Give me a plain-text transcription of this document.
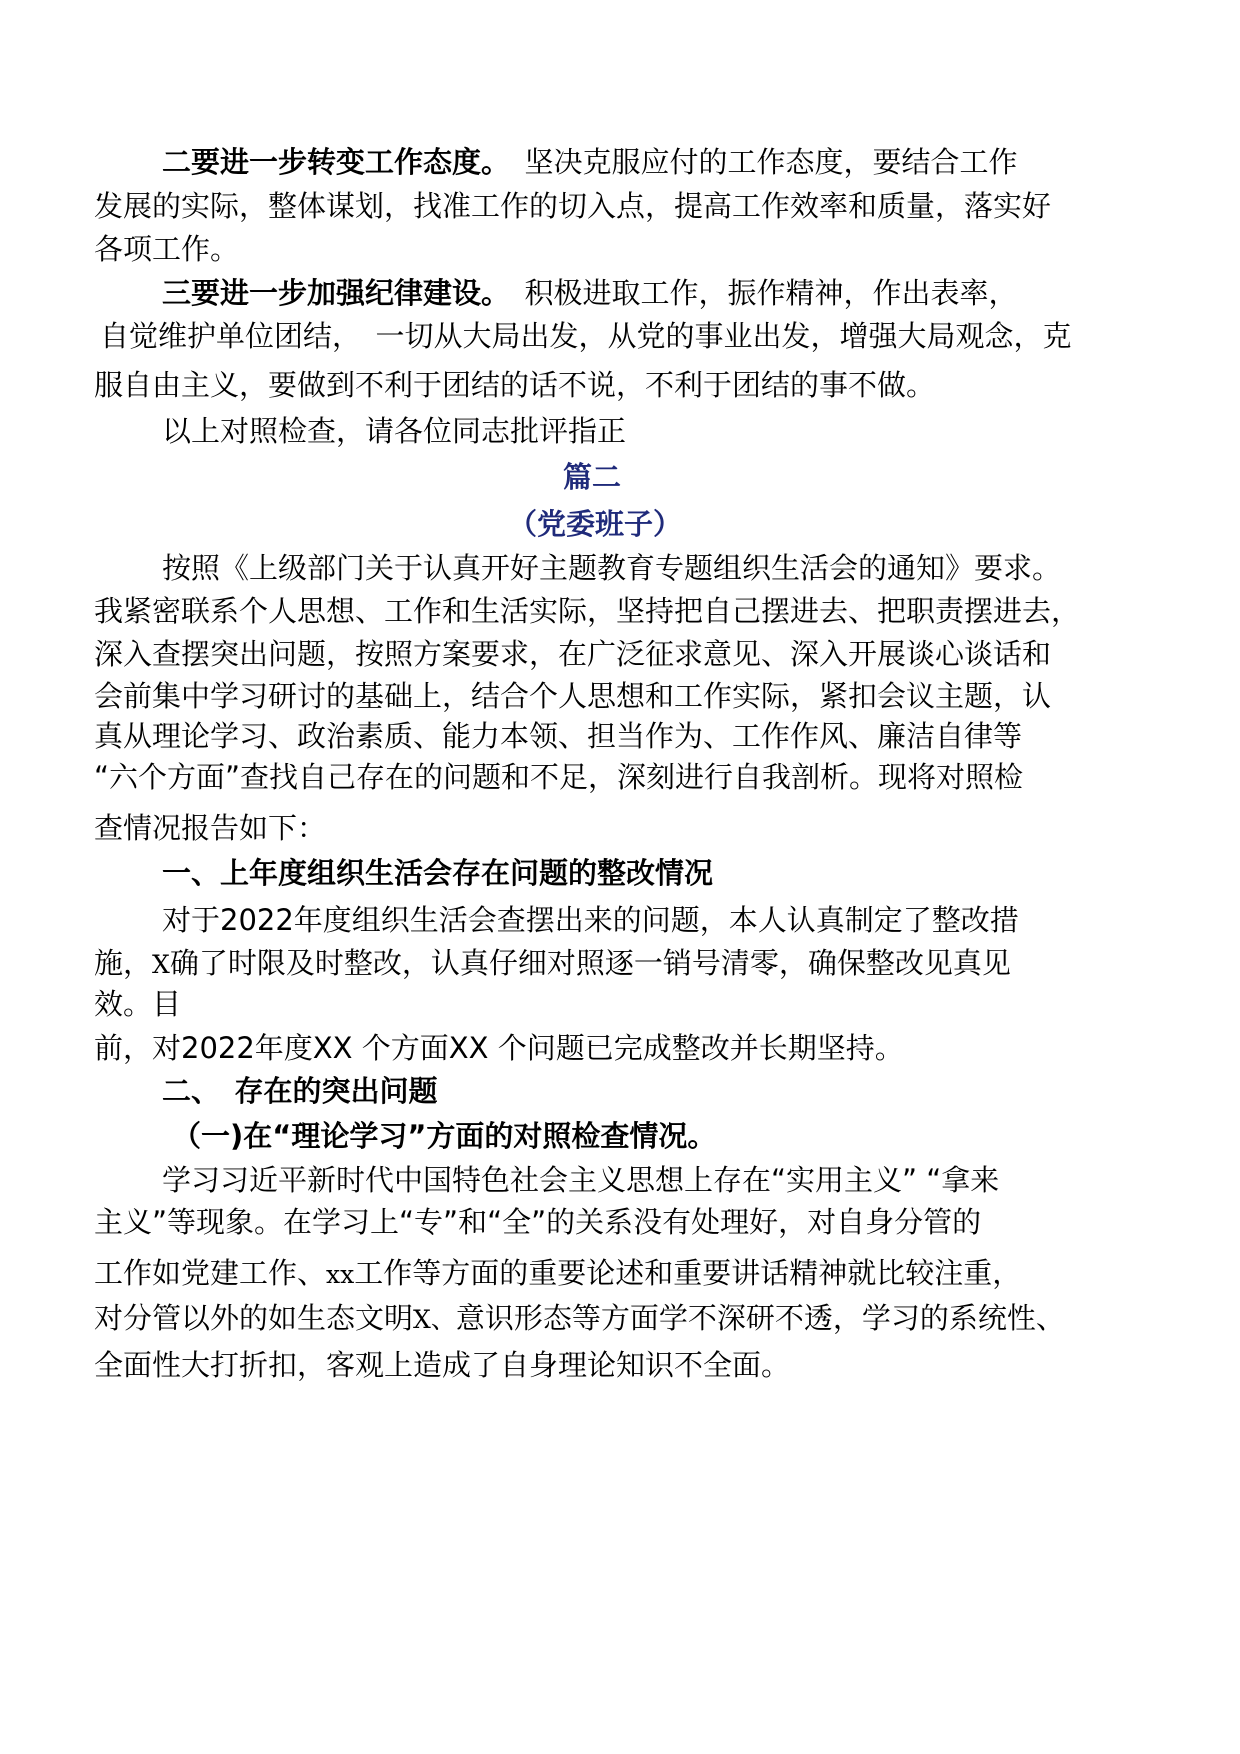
二要进一步转变工作态度。　坚决克服应付的工作态度，要结合工作
发展的实际，整体谋划，找准工作的切入点，提高工作效率和质量，落实好
各项工作。
三要进一步加强纪律建设。　积极进取工作，振作精神，作出表率，
自觉维护单位团结，　一切从大局出发，从党的事业出发，增强大局观念，克
服自由主义，要做到不利于团结的话不说，不利于团结的事不做。
以上对照检查，请各位同志批评指正
篇二
（党委班子）
按照《上级部门关于认真开好主题教育专题组织生活会的通知》要求。
我紧密联系个人思想、工作和生活实际，坚持把自己摆进去、把职责摆进去，
深入查摆突出问题，按照方案要求，在广泛征求意见、深入开展谈心谈话和
会前集中学习研讨的基础上，结合个人思想和工作实际，紧扣会议主题，认
真从理论学习、政治素质、能力本领、担当作为、工作作风、廉洁自律等
“六个方面”查找自己存在的问题和不足，深刻进行自我剖析。现将对照检
查情况报告如下：
一、上年度组织生活会存在问题的整改情况
对于2022年度组织生活会查摆出来的问题，本人认真制定了整改措
施，X确了时限及时整改，认真仔细对照逐一销号清零，确保整改见真见
效。目
前，对2022年度XX 个方面XX 个问题已完成整改并长期坚持。
二、　存在的突出问题
（一)在“理论学习”方面的对照检查情况。
学习习近平新时代中国特色社会主义思想上存在“实用主义” “拿来
主义”等现象。在学习上“专”和“全”的关系没有处理好，对自身分管的
工作如党建工作、xx工作等方面的重要论述和重要讲话精神就比较注重，
对分管以外的如生态文明X、意识形态等方面学不深研不透，学习的系统性、
全面性大打折扣，客观上造成了自身理论知识不全面。
